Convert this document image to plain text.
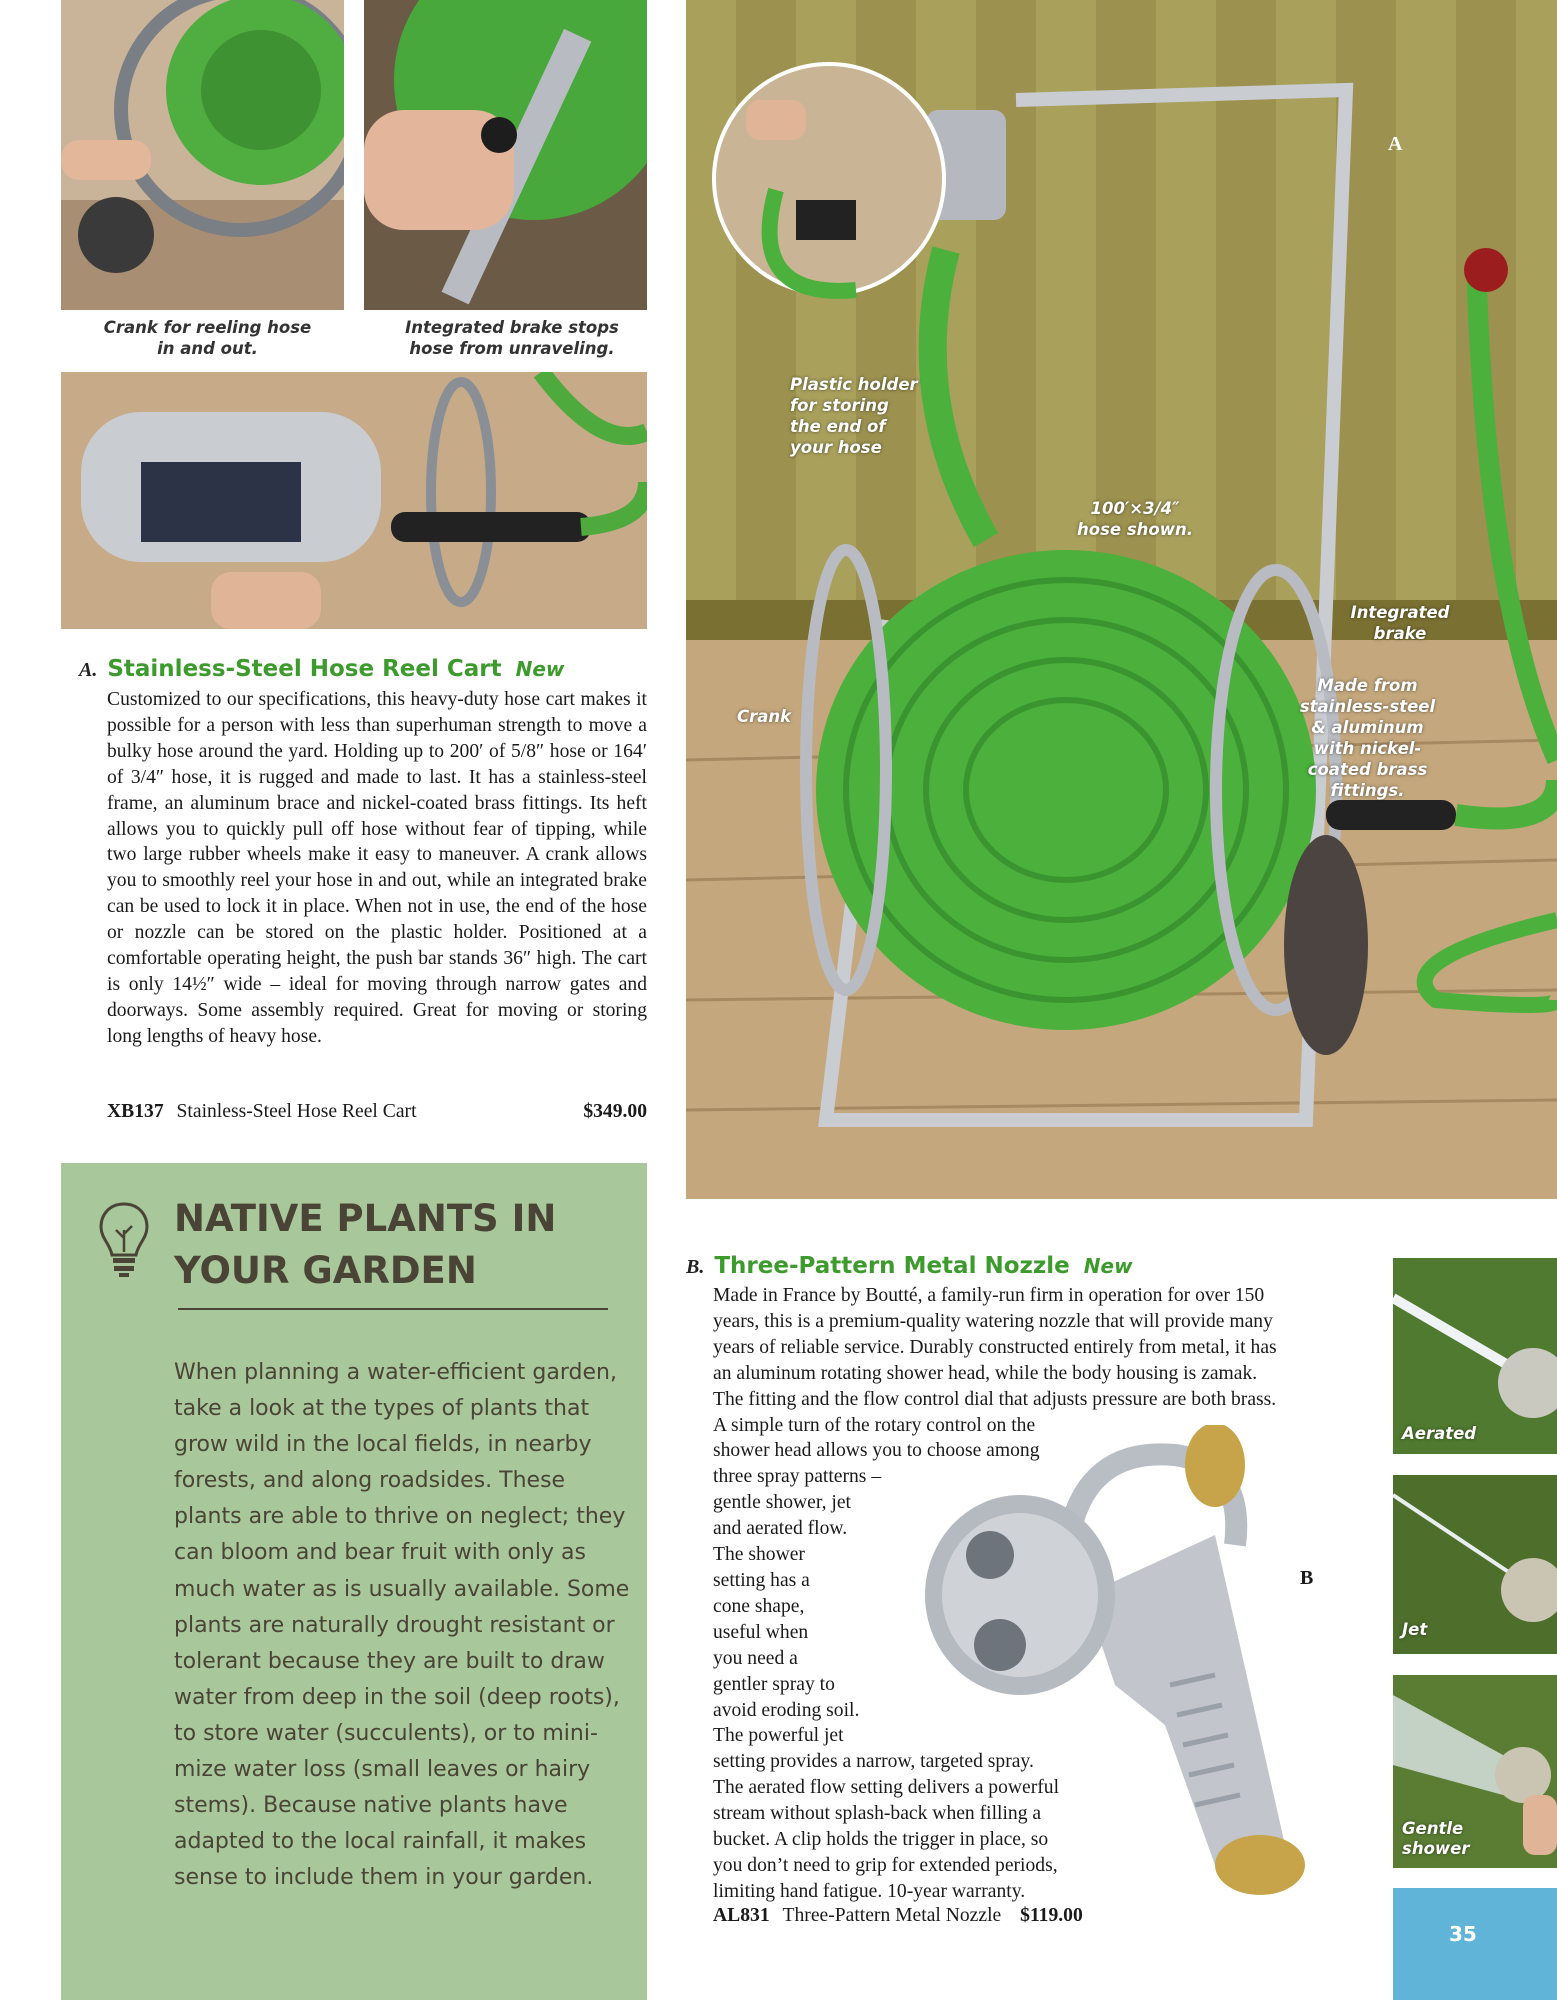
Crank for reeling hose in and out.
Integrated brake stops hose from unraveling.
A. Stainless-Steel Hose Reel Cart New

Customized to our specifications, this heavy-duty hose cart makes it possible for a person with less than superhuman strength to move a bulky hose around the yard. Holding up to 200′ of 5/8″ hose or 164′ of 3/4″ hose, it is rugged and made to last. It has a stainless-steel frame, an aluminum brace and nickel-coated brass fittings. Its heft allows you to quickly pull off hose without fear of tipping, while two large rubber wheels make it easy to maneuver. A crank allows you to smoothly reel your hose in and out, while an integrated brake can be used to lock it in place. When not in use, the end of the hose or nozzle can be stored on the plastic holder. Positioned at a comfortable operating height, the push bar stands 36″ high. The cart is only 14½″ wide – ideal for moving through narrow gates and doorways. Some assembly required. Great for moving or storing long lengths of heavy hose.

XB137 Stainless-Steel Hose Reel Cart	$349.00
Plastic holder for storing the end of your hose
100′×3/4″ hose shown.
Integrated brake
Crank
Made from stainless-steel & aluminum with nickel-coated brass fittings.
A
NATIVE PLANTS IN YOUR GARDEN
When planning a water-efficient garden, take a look at the types of plants that grow wild in the local fields, in nearby forests, and along roadsides. These plants are able to thrive on neglect; they can bloom and bear fruit with only as much water as is usually available. Some plants are naturally drought resistant or tolerant because they are built to draw water from deep in the soil (deep roots), to store water (succulents), or to mini-mize water loss (small leaves or hairy stems). Because native plants have adapted to the local rainfall, it makes sense to include them in your garden.
B. Three-Pattern Metal Nozzle New
B
Made in France by Boutté, a family-run firm in operation for over 150
years, this is a premium-quality watering nozzle that will provide many
years of reliable service. Durably constructed entirely from metal, it has
an aluminum rotating shower head, while the body housing is zamak.
The fitting and the flow control dial that adjusts pressure are both brass.
A simple turn of the rotary control on the
shower head allows you to choose among
three spray patterns –
gentle shower, jet
and aerated flow.
The shower
setting has a
cone shape,
useful when
you need a
gentler spray to
avoid eroding soil.
The powerful jet
setting provides a narrow, targeted spray.
The aerated flow setting delivers a powerful
stream without splash-back when filling a
bucket. A clip holds the trigger in place, so
you don’t need to grip for extended periods,
limiting hand fatigue. 10-year warranty.
AL831 Three-Pattern Metal Nozzle $119.00
Aerated
Jet
Gentle shower
35
